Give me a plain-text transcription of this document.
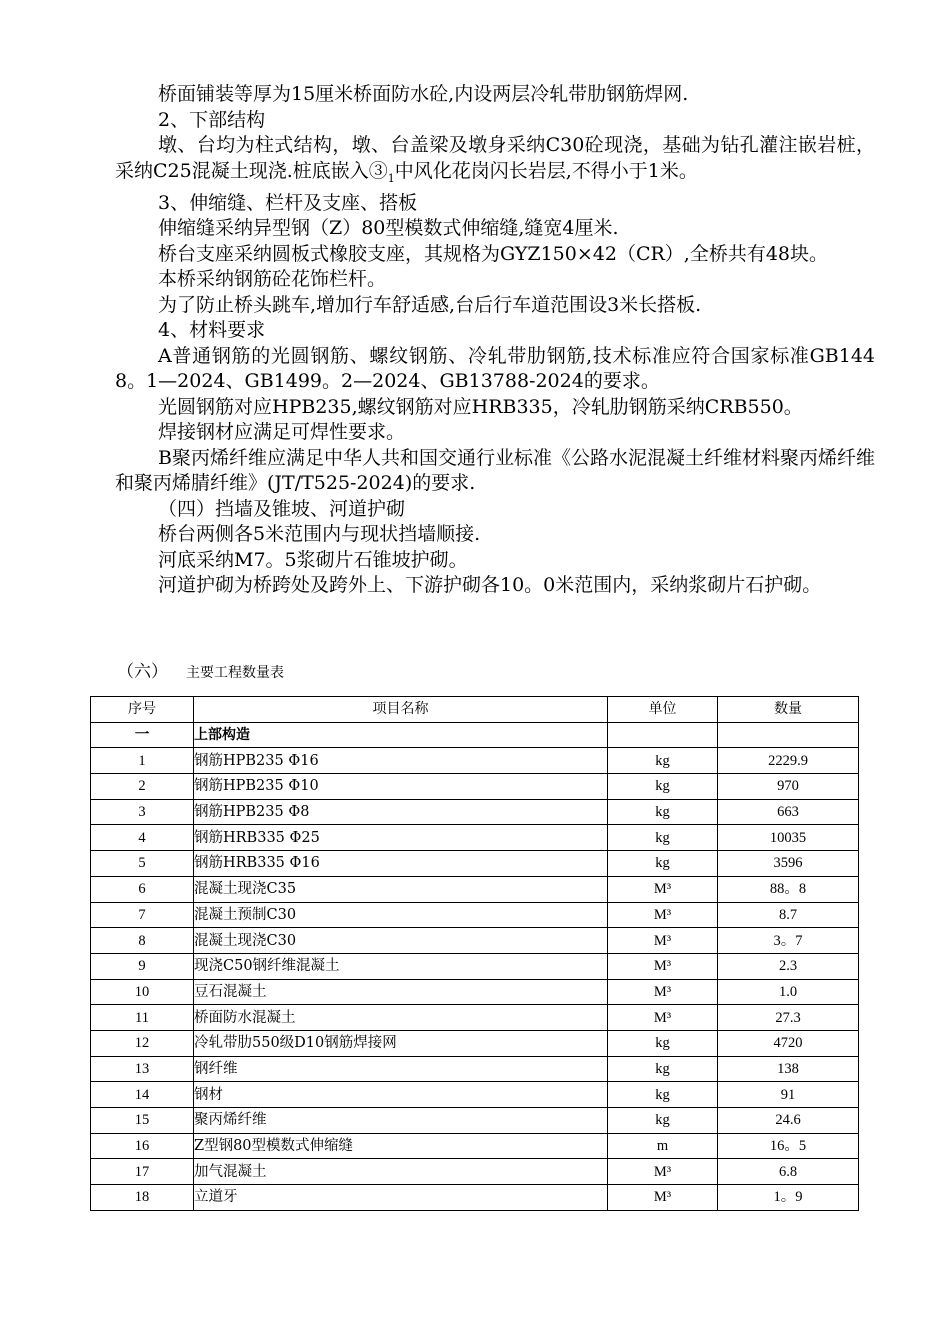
桥面铺装等厚为15厘米桥面防水砼,内设两层冷轧带肋钢筋焊网.

2、下部结构

墩、台均为柱式结构，墩、台盖梁及墩身采纳C30砼现浇，基础为钻孔灌注嵌岩桩，采纳C25混凝土现浇.桩底嵌入$③_1$中风化花岗闪长岩层,不得小于1米。

3、伸缩缝、栏杆及支座、搭板

伸缩缝采纳异型钢（Z）80型模数式伸缩缝,缝宽4厘米.

桥台支座采纳圆板式橡胶支座，其规格为GYZ150×42（CR）,全桥共有48块。

本桥采纳钢筋砼花饰栏杆。

为了防止桥头跳车,增加行车舒适感,台后行车道范围设3米长搭板.

4、材料要求

A普通钢筋的光圆钢筋、螺纹钢筋、冷轧带肋钢筋,技术标准应符合国家标准GB1448。1—2024、GB1499。2—2024、GB13788-2024的要求。

光圆钢筋对应HPB235,螺纹钢筋对应HRB335，冷轧肋钢筋采纳CRB550。

焊接钢材应满足可焊性要求。

B聚丙烯纤维应满足中华人共和国交通行业标准《公路水泥混凝土纤维材料聚丙烯纤维和聚丙烯腈纤维》(JT/T525-2024)的要求.

（四）挡墙及锥坡、河道护砌

桥台两侧各5米范围内与现状挡墙顺接.

河底采纳M7。5浆砌片石锥坡护砌。

河道护砌为桥跨处及跨外上、下游护砌各10。0米范围内，采纳浆砌片石护砌。

（六） 主要工程数量表
序号	项目名称	单位	数量
一	上部构造		
1	钢筋HPB235 Φ16	kg	2229.9
2	钢筋HPB235 Φ10	kg	970
3	钢筋HPB235 Φ8	kg	663
4	钢筋HRB335 Φ25	kg	10035
5	钢筋HRB335 Φ16	kg	3596
6	混凝土现浇C35	M³	88。8
7	混凝土预制C30	M³	8.7
8	混凝土现浇C30	M³	3。7
9	现浇C50钢纤维混凝土	M³	2.3
10	豆石混凝土	M³	1.0
11	桥面防水混凝土	M³	27.3
12	冷轧带肋550级D10钢筋焊接网	kg	4720
13	钢纤维	kg	138
14	钢材	kg	91
15	聚丙烯纤维	kg	24.6
16	Z型钢80型模数式伸缩缝	m	16。5
17	加气混凝土	M³	6.8
18	立道牙	M³	1。9
